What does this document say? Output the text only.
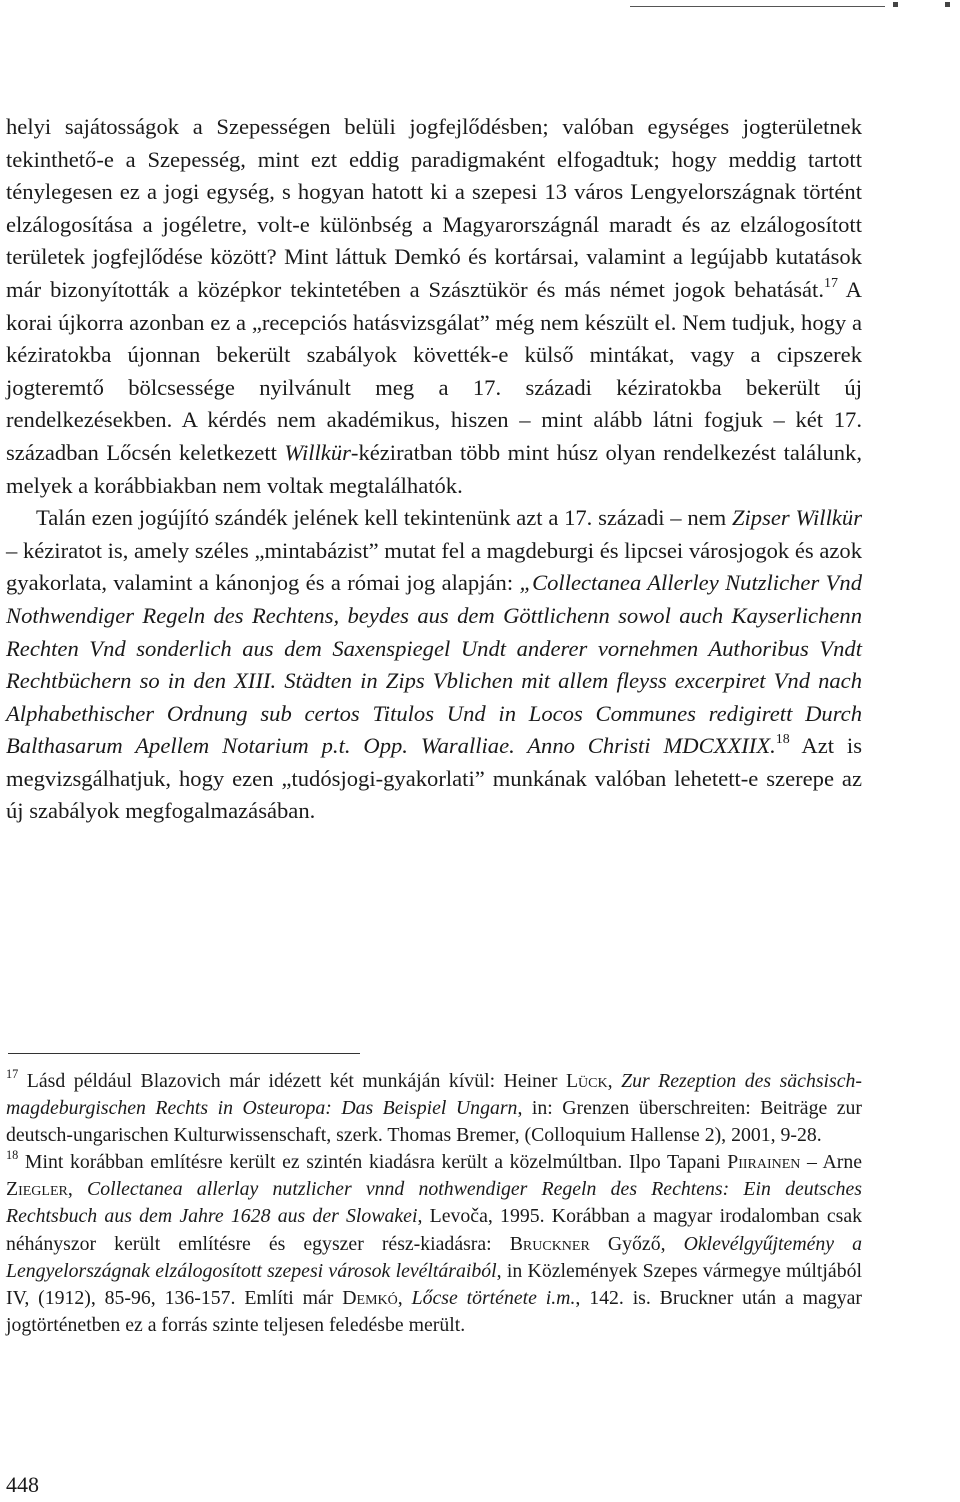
helyi sajátosságok a Szepességen belüli jogfejlődésben; valóban egységes jogterületnek tekinthető-e a Szepesség, mint ezt eddig paradigmaként elfogadtuk; hogy meddig tartott ténylegesen ez a jogi egység, s hogyan hatott ki a szepesi 13 város Lengyelországnak történt elzálogosítása a jogéletre, volt-e különbség a Magyarországnál maradt és az elzálogosított területek jogfejlődése között? Mint láttuk Demkó és kortársai, valamint a legújabb kutatások már bizonyították a középkor tekintetében a Szásztükör és más német jogok behatását.$^{17}$ A korai újkorra azonban ez a „recepciós hatásvizsgálat” még nem készült el. Nem tudjuk, hogy a kéziratokba újonnan bekerült szabályok követték-e külső mintákat, vagy a cipszerek jogteremtő bölcsessége nyilvánult meg a 17. századi kéziratokba bekerült új rendelkezésekben. A kérdés nem akadémikus, hiszen – mint alább látni fogjuk – két 17. században Lőcsén keletkezett Willkür-kéziratban több mint húsz olyan rendelkezést találunk, melyek a korábbiakban nem voltak megtalálhatók.

Talán ezen jogújító szándék jelének kell tekintenünk azt a 17. századi – nem Zipser Willkür – kéziratot is, amely széles „mintabázist” mutat fel a magdeburgi és lipcsei városjogok és azok gyakorlata, valamint a kánonjog és a római jog alapján: „Collectanea Allerley Nutzlicher Vnd Nothwendiger Regeln des Rechtens, beydes aus dem Göttlichenn sowol auch Kayserlichenn Rechten Vnd sonderlich aus dem Saxenspiegel Undt anderer vornehmen Authoribus Vndt Rechtbüchern so in den XIII. Städten in Zips Vblichen mit allem fleyss excerpiret Vnd nach Alphabethischer Ordnung sub certos Titulos Und in Locos Communes redigirett Durch Balthasarum Apellem Notarium p.t. Opp. Waralliae. Anno Christi MDCXXIIX.$^{18}$ Azt is megvizsgálhatjuk, hogy ezen „tudósjogi-gyakorlati” munkának valóban lehetett-e szerepe az új szabályok megfogalmazásában.

$^{17}$ Lásd például Blazovich már idézett két munkáján kívül: Heiner Lück, Zur Rezeption des sächsisch-magdeburgischen Rechts in Osteuropa: Das Beispiel Ungarn, in: Grenzen überschreiten: Beiträge zur deutsch-ungarischen Kulturwissenschaft, szerk. Thomas Bremer, (Colloquium Hallense 2), 2001, 9-28.

$^{18}$ Mint korábban említésre került ez szintén kiadásra került a közelmúltban. Ilpo Tapani Piirainen – Arne Ziegler, Collectanea allerlay nutzlicher vnnd nothwendiger Regeln des Rechtens: Ein deutsches Rechtsbuch aus dem Jahre 1628 aus der Slowakei, Levoča, 1995. Korábban a magyar irodalomban csak néhányszor került említésre és egyszer rész-kiadásra: Bruckner Győző, Oklevélgyűjtemény a Lengyelországnak elzálogosított szepesi városok levéltáraiból, in Közlemények Szepes vármegye múltjából IV, (1912), 85-96, 136-157. Említi már Demkó, Lőcse története i.m., 142. is. Bruckner után a magyar jogtörténetben ez a forrás szinte teljesen feledésbe merült.

448
